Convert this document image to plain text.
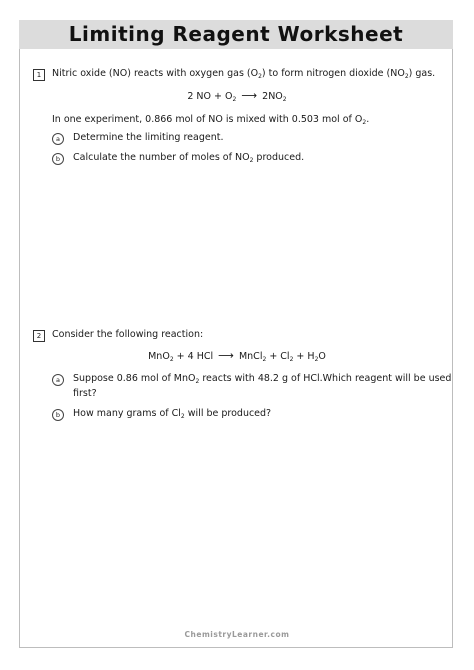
Limiting Reagent Worksheet
1	Nitric oxide (NO) reacts with oxygen gas $(O_2)$ to form nitrogen dioxide $(NO_2)$ gas.
2 NO + $O_2$ ⟶ $2NO_2$
In one experiment, 0.866 mol of NO is mixed with 0.503 mol of $O_2$.
a	Determine the limiting reagent.
b	Calculate the number of moles of $NO_2$ produced.
2	Consider the following reaction:
MnO$_2$ + 4 HCl ⟶ MnCl$_2$ + $Cl_2 + H_2O$
a	Suppose 0.86 mol of MnO$_2$ reacts with 48.2 g of HCl.Which reagent will be used
first?
b	How many grams of $Cl_2$ will be produced?
ChemistryLearner.com
